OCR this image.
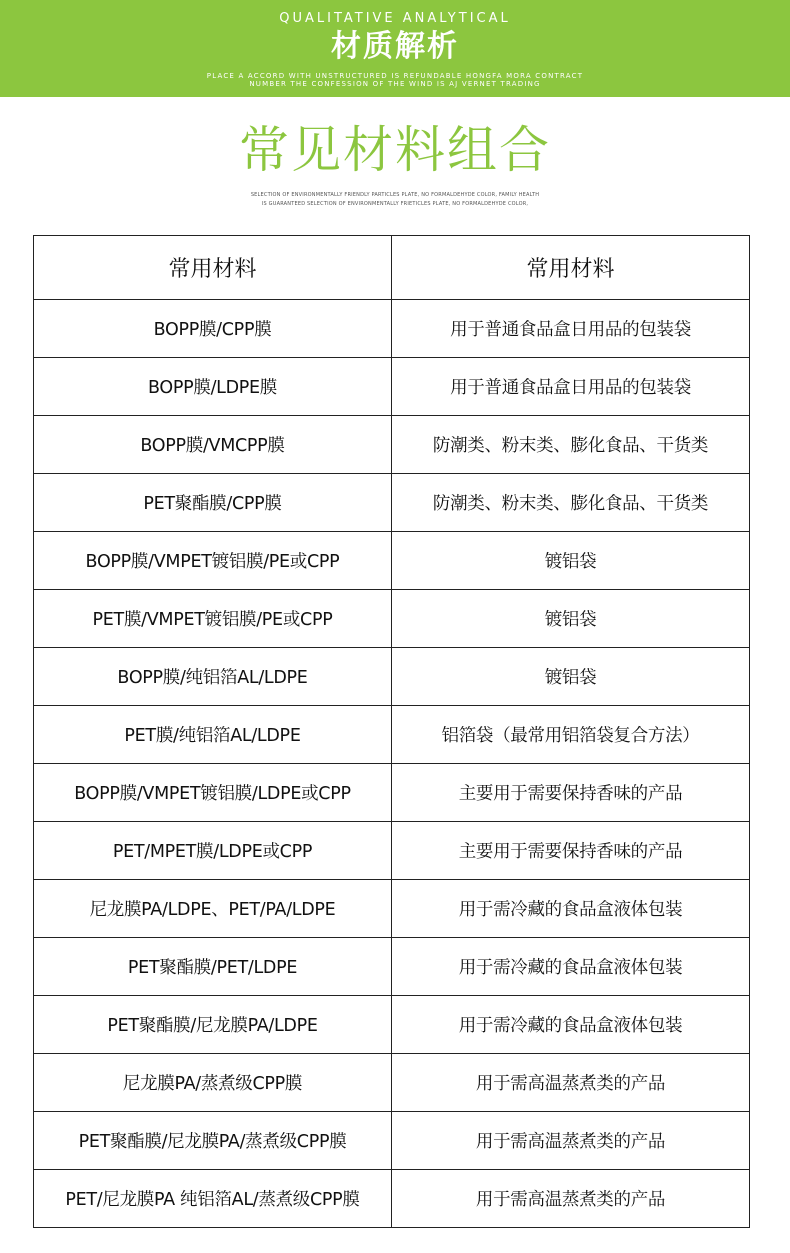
QUALITATIVE ANALYTICAL
材质解析
PLACE A ACCORD WITH UNSTRUCTURED IS REFUNDABLE HONGFA MORA CONTRACT
NUMBER THE CONFESSION OF THE WIND IS AJ VERNET TRADING
常见材料组合
SELECTION OF ENVIRONMENTALLY FRIENDLY PARTICLES PLATE, NO FORMALDEHYDE COLOR, FAMILY HEALTH
IS GUARANTEED SELECTION OF ENVIRONMENTALLY FRIETICLES PLATE, NO FORMALDEHYDE COLOR,
常用材料	常用材料
BOPP膜/CPP膜	用于普通食品盒日用品的包装袋
BOPP膜/LDPE膜	用于普通食品盒日用品的包装袋
BOPP膜/VMCPP膜	防潮类、粉末类、膨化食品、干货类
PET聚酯膜/CPP膜	防潮类、粉末类、膨化食品、干货类
BOPP膜/VMPET镀铝膜/PE或CPP	镀铝袋
PET膜/VMPET镀铝膜/PE或CPP	镀铝袋
BOPP膜/纯铝箔AL/LDPE	镀铝袋
PET膜/纯铝箔AL/LDPE	铝箔袋（最常用铝箔袋复合方法）
BOPP膜/VMPET镀铝膜/LDPE或CPP	主要用于需要保持香味的产品
PET/MPET膜/LDPE或CPP	主要用于需要保持香味的产品
尼龙膜PA/LDPE、PET/PA/LDPE	用于需冷藏的食品盒液体包装
PET聚酯膜/PET/LDPE	用于需冷藏的食品盒液体包装
PET聚酯膜/尼龙膜PA/LDPE	用于需冷藏的食品盒液体包装
尼龙膜PA/蒸煮级CPP膜	用于需高温蒸煮类的产品
PET聚酯膜/尼龙膜PA/蒸煮级CPP膜	用于需高温蒸煮类的产品
PET/尼龙膜PA 纯铝箔AL/蒸煮级CPP膜	用于需高温蒸煮类的产品
